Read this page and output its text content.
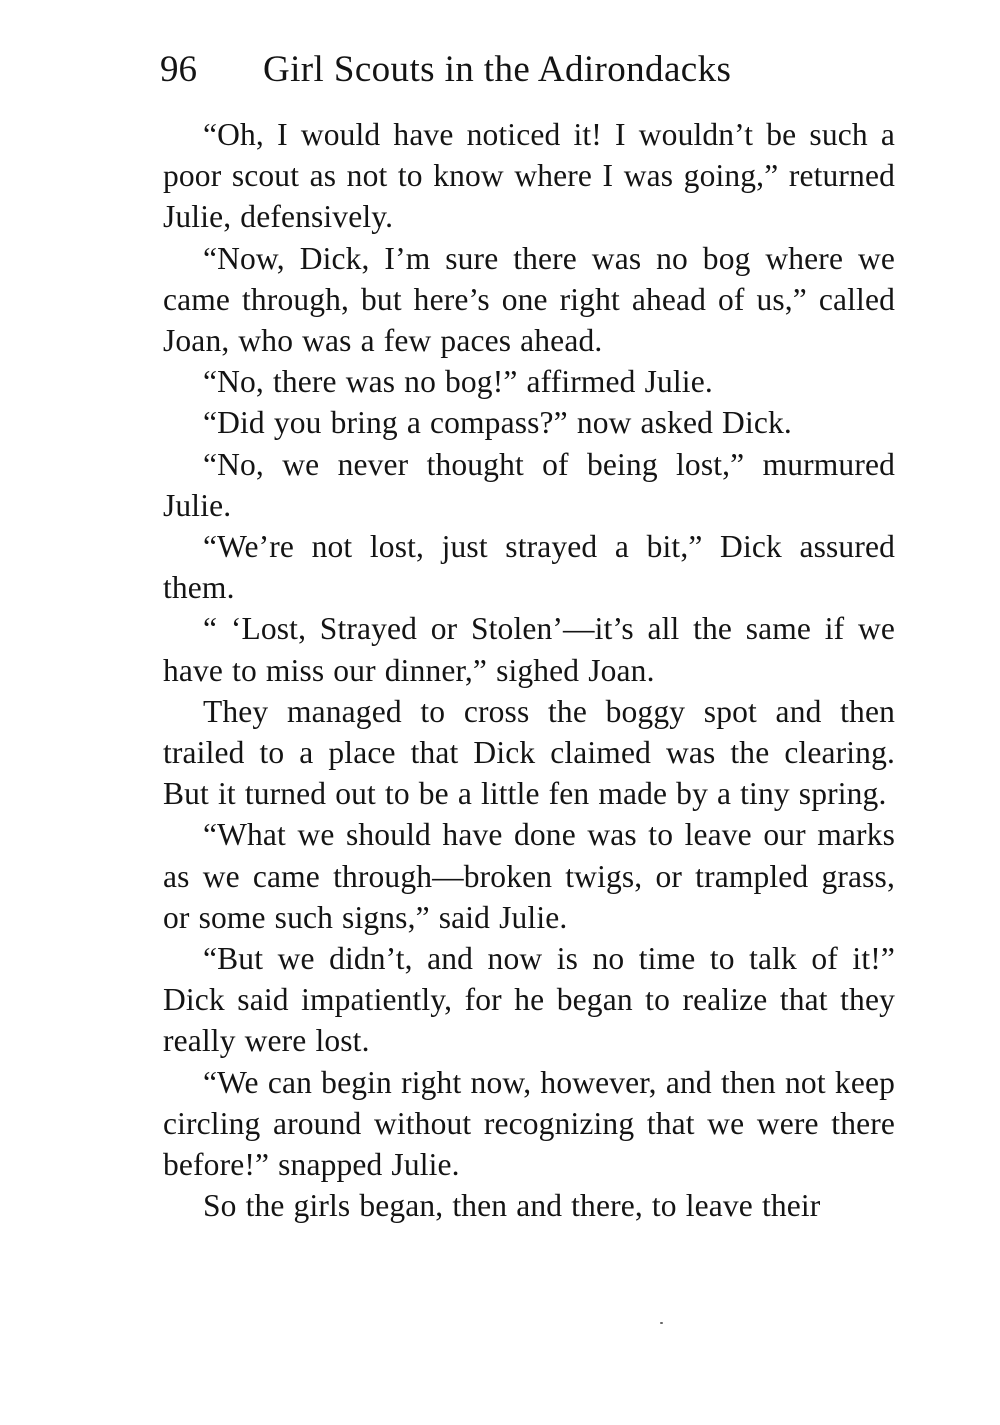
96 Girl Scouts in the Adirondacks

“Oh, I would have noticed it! I wouldn’t be such a poor scout as not to know where I was going,” returned Julie, defensively.

“Now, Dick, I’m sure there was no bog where we came through, but here’s one right ahead of us,” called Joan, who was a few paces ahead.

“No, there was no bog!” affirmed Julie.

“Did you bring a compass?” now asked Dick.

“No, we never thought of being lost,” murmured Julie.

“We’re not lost, just strayed a bit,” Dick assured them.

“ ‘Lost, Strayed or Stolen’—it’s all the same if we have to miss our dinner,” sighed Joan.

They managed to cross the boggy spot and then trailed to a place that Dick claimed was the clearing. But it turned out to be a little fen made by a tiny spring.

“What we should have done was to leave our marks as we came through—broken twigs, or trampled grass, or some such signs,” said Julie.

“But we didn’t, and now is no time to talk of it!” Dick said impatiently, for he began to realize that they really were lost.

“We can begin right now, however, and then not keep circling around without recognizing that we were there before!” snapped Julie.

So the girls began, then and there, to leave their
